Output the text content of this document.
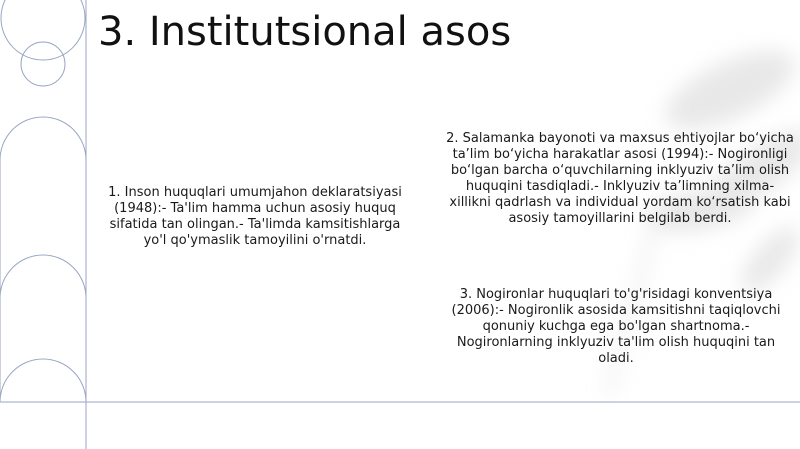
3. Institutsional asos

1. Inson huquqlari umumjahon deklaratsiyasi (1948):- Ta'lim hamma uchun asosiy huquq sifatida tan olingan.- Ta'limda kamsitishlarga yo'l qo'ymaslik tamoyilini o'rnatdi.

2. Salamanka bayonoti va maxsus ehtiyojlar bo‘yicha ta’lim bo‘yicha harakatlar asosi (1994):- Nogironligi bo‘lgan barcha o‘quvchilarning inklyuziv ta’lim olish huquqini tasdiqladi.- Inklyuziv ta’limning xilma-xillikni qadrlash va individual yordam ko‘rsatish kabi asosiy tamoyillarini belgilab berdi.

3. Nogironlar huquqlari to'g'risidagi konventsiya (2006):- Nogironlik asosida kamsitishni taqiqlovchi qonuniy kuchga ega bo'lgan shartnoma.- Nogironlarning inklyuziv ta'lim olish huquqini tan oladi.
